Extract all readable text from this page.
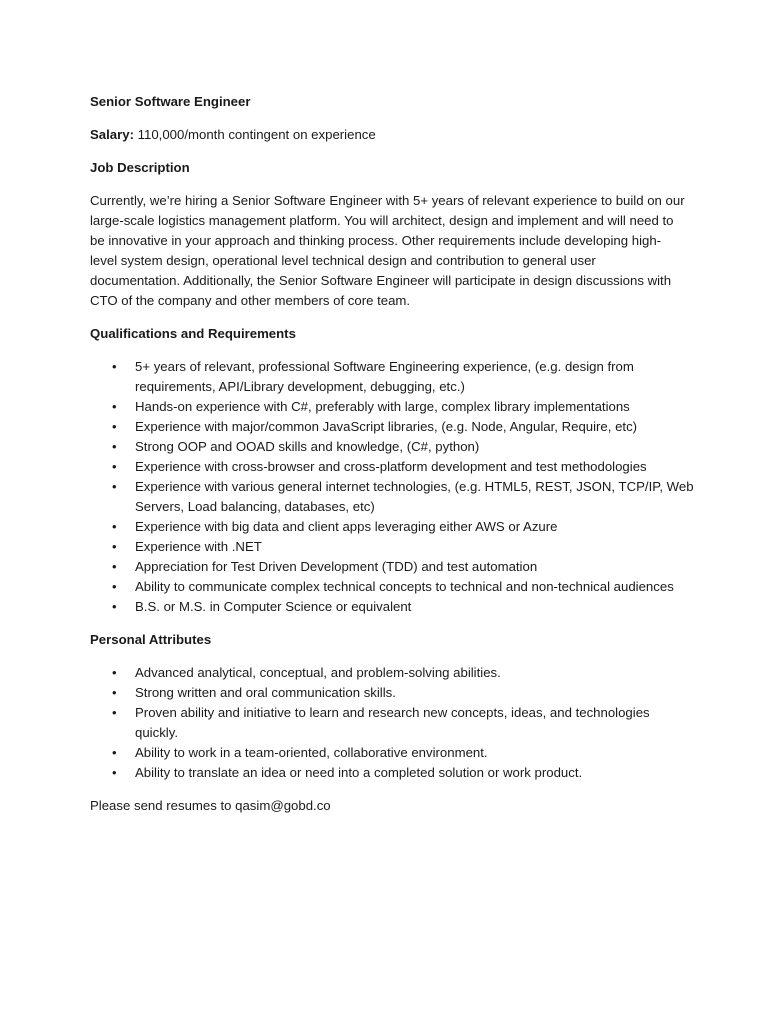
Senior Software Engineer
Salary: 110,000/month contingent on experience
Job Description
Currently, we’re hiring a Senior Software Engineer with 5+ years of relevant experience to build on our large-scale logistics management platform. You will architect, design and implement and will need to be innovative in your approach and thinking process. Other requirements include developing high-level system design, operational level technical design and contribution to general user documentation. Additionally, the Senior Software Engineer will participate in design discussions with CTO of the company and other members of core team.
Qualifications and Requirements
• 5+ years of relevant, professional Software Engineering experience, (e.g. design from requirements, API/Library development, debugging, etc.)
• Hands-on experience with C#, preferably with large, complex library implementations
• Experience with major/common JavaScript libraries, (e.g. Node, Angular, Require, etc)
• Strong OOP and OOAD skills and knowledge, (C#, python)
• Experience with cross-browser and cross-platform development and test methodologies
• Experience with various general internet technologies, (e.g. HTML5, REST, JSON, TCP/IP, Web Servers, Load balancing, databases, etc)
• Experience with big data and client apps leveraging either AWS or Azure
• Experience with .NET
• Appreciation for Test Driven Development (TDD) and test automation
• Ability to communicate complex technical concepts to technical and non-technical audiences
• B.S. or M.S. in Computer Science or equivalent
Personal Attributes
• Advanced analytical, conceptual, and problem-solving abilities.
• Strong written and oral communication skills.
• Proven ability and initiative to learn and research new concepts, ideas, and technologies quickly.
• Ability to work in a team-oriented, collaborative environment.
• Ability to translate an idea or need into a completed solution or work product.
Please send resumes to qasim@gobd.co
